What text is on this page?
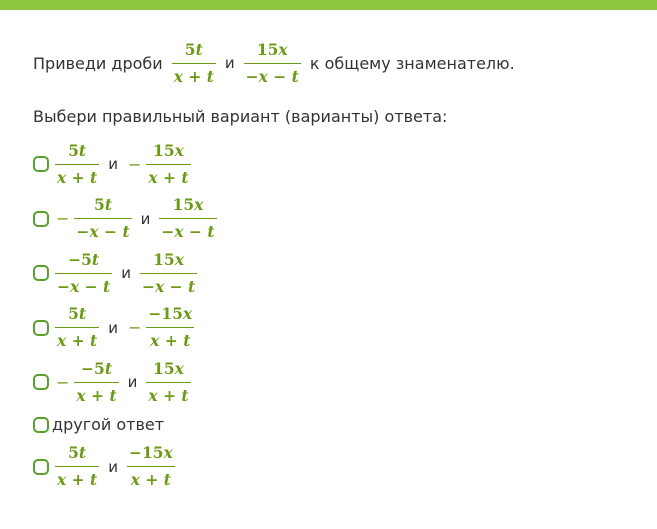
Приведи дроби $\frac{5t}{x + t}$ и $\frac{15x}{-x - t}$ к общему знаменателю.
Выбери правильный вариант (варианты) ответа:
$\frac{5t}{x + t}$ $и - \frac{15x}{x + t}$
− $\frac{5t}{-x - t}$ и $\frac{15x}{-x - t}$
$\frac{-5t}{-x - t}$ и $\frac{15x}{-x - t}$
$\frac{5t}{x + t}$ $и - \frac{-15x}{x + t}$
− $\frac{-5t}{x + t}$ и $\frac{15x}{x + t}$
другой ответ
$\frac{5t}{x + t}$ и $\frac{-15x}{x + t}$
